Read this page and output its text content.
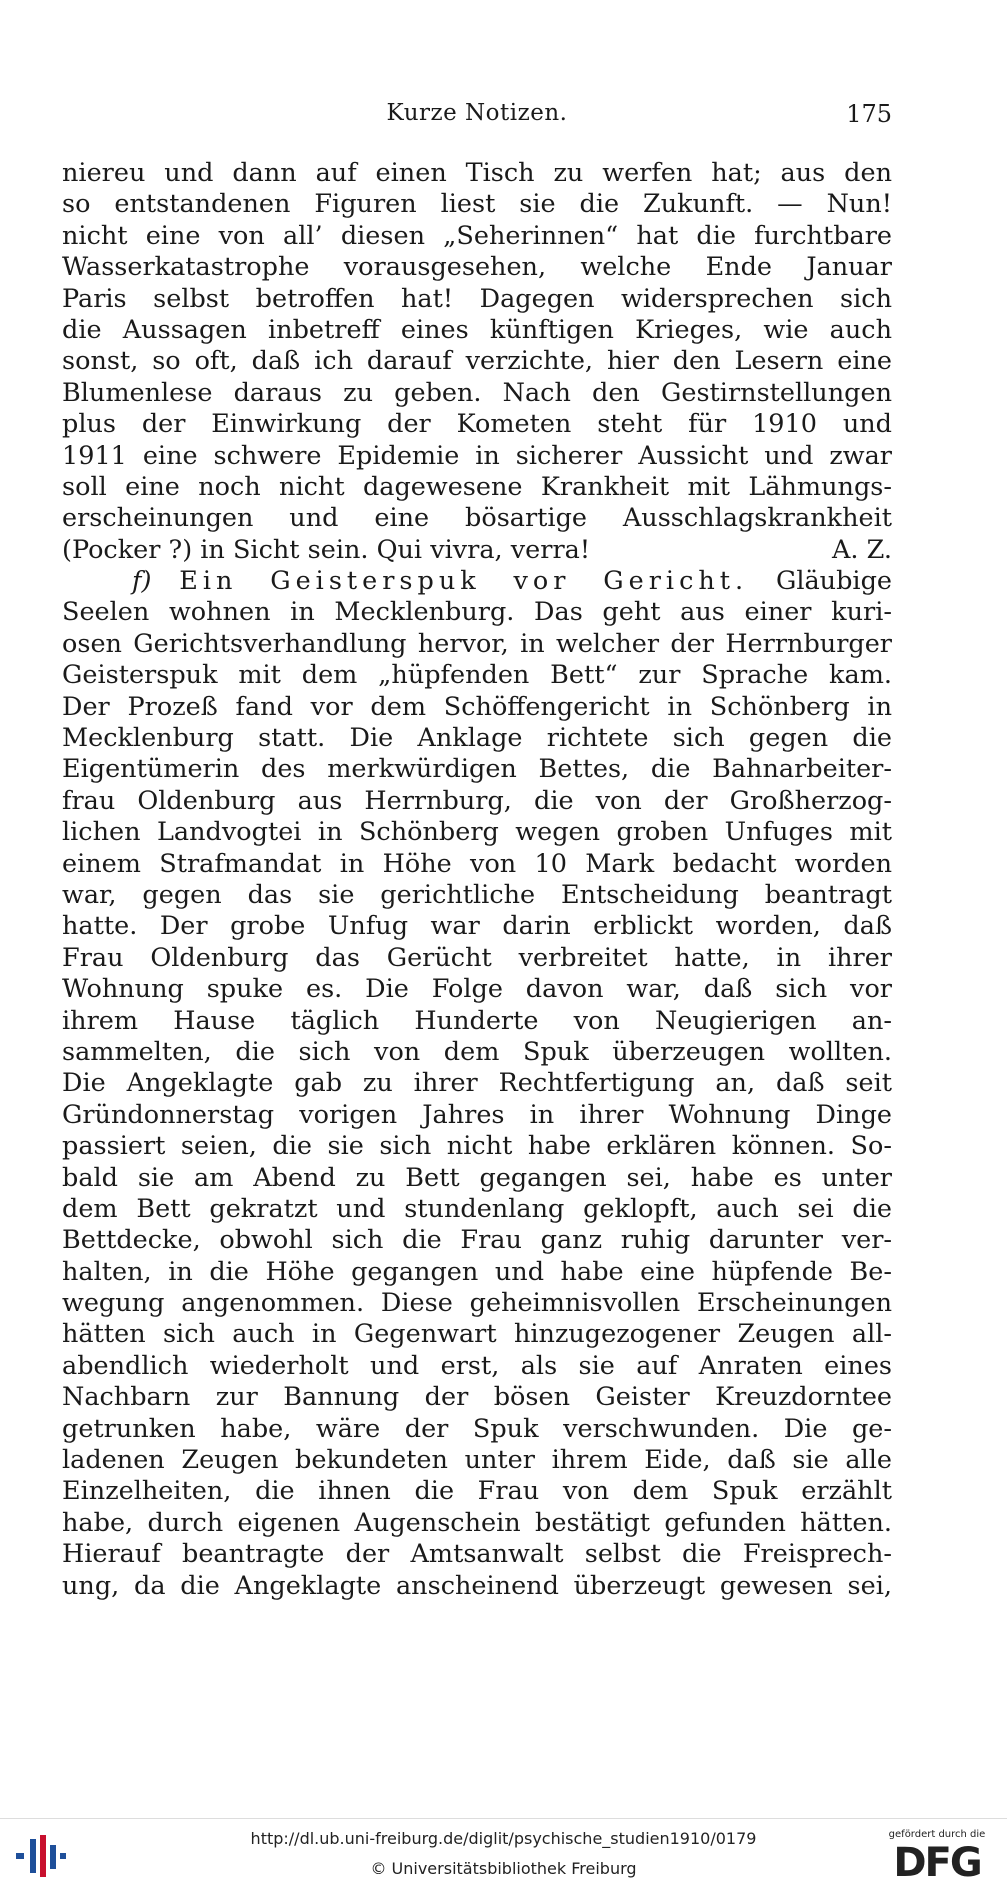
Kurze Notizen.	175
niereu und dann auf einen Tisch zu werfen hat; aus den
so entstandenen Figuren liest sie die Zukunft. — Nun!
nicht eine von all’ diesen „Seherinnen“ hat die furchtbare
Wasserkatastrophe vorausgesehen, welche Ende Januar
Paris selbst betroffen hat! Dagegen widersprechen sich
die Aussagen inbetreff eines künftigen Krieges, wie auch
sonst, so oft, daß ich darauf verzichte, hier den Lesern eine
Blumenlese daraus zu geben. Nach den Gestirnstellungen
plus der Einwirkung der Kometen steht für 1910 und
1911 eine schwere Epidemie in sicherer Aussicht und zwar
soll eine noch nicht dagewesene Krankheit mit Lähmungs-
erscheinungen und eine bösartige Ausschlagskrankheit
(Pocker ?) in Sicht sein. Qui vivra, verra!	A. Z.
f) Ein Geisterspuk vor Gericht. Gläubige
Seelen wohnen in Mecklenburg. Das geht aus einer kuri-
osen Gerichtsverhandlung hervor, in welcher der Herrnburger
Geisterspuk mit dem „hüpfenden Bett“ zur Sprache kam.
Der Prozeß fand vor dem Schöffengericht in Schönberg in
Mecklenburg statt. Die Anklage richtete sich gegen die
Eigentümerin des merkwürdigen Bettes, die Bahnarbeiter-
frau Oldenburg aus Herrnburg, die von der Großherzog-
lichen Landvogtei in Schönberg wegen groben Unfuges mit
einem Strafmandat in Höhe von 10 Mark bedacht worden
war, gegen das sie gerichtliche Entscheidung beantragt
hatte. Der grobe Unfug war darin erblickt worden, daß
Frau Oldenburg das Gerücht verbreitet hatte, in ihrer
Wohnung spuke es. Die Folge davon war, daß sich vor
ihrem Hause täglich Hunderte von Neugierigen an-
sammelten, die sich von dem Spuk überzeugen wollten.
Die Angeklagte gab zu ihrer Rechtfertigung an, daß seit
Gründonnerstag vorigen Jahres in ihrer Wohnung Dinge
passiert seien, die sie sich nicht habe erklären können. So-
bald sie am Abend zu Bett gegangen sei, habe es unter
dem Bett gekratzt und stundenlang geklopft, auch sei die
Bettdecke, obwohl sich die Frau ganz ruhig darunter ver-
halten, in die Höhe gegangen und habe eine hüpfende Be-
wegung angenommen. Diese geheimnisvollen Erscheinungen
hätten sich auch in Gegenwart hinzugezogener Zeugen all-
abendlich wiederholt und erst, als sie auf Anraten eines
Nachbarn zur Bannung der bösen Geister Kreuzdorntee
getrunken habe, wäre der Spuk verschwunden. Die ge-
ladenen Zeugen bekundeten unter ihrem Eide, daß sie alle
Einzelheiten, die ihnen die Frau von dem Spuk erzählt
habe, durch eigenen Augenschein bestätigt gefunden hätten.
Hierauf beantragte der Amtsanwalt selbst die Freisprech-
ung, da die Angeklagte anscheinend überzeugt gewesen sei,
http://dl.ub.uni-freiburg.de/diglit/psychische_studien1910/0179
© Universitätsbibliothek Freiburg
gefördert durch die
DFG
